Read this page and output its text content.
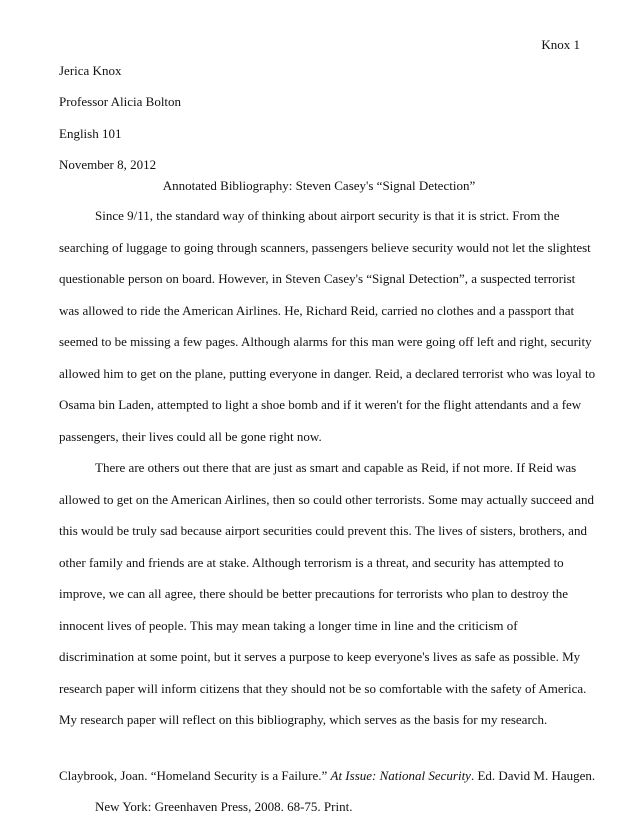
Knox 1
Jerica Knox
Professor Alicia Bolton
English 101
November 8, 2012
Annotated Bibliography: Steven Casey's “Signal Detection”
Since 9/11, the standard way of thinking about airport security is that it is strict. From the
searching of luggage to going through scanners, passengers believe security would not let the slightest
questionable person on board. However, in Steven Casey's “Signal Detection”, a suspected terrorist
was allowed to ride the American Airlines. He, Richard Reid, carried no clothes and a passport that
seemed to be missing a few pages. Although alarms for this man were going off left and right, security
allowed him to get on the plane, putting everyone in danger. Reid, a declared terrorist who was loyal to
Osama bin Laden, attempted to light a shoe bomb and if it weren't for the flight attendants and a few
passengers, their lives could all be gone right now.
There are others out there that are just as smart and capable as Reid, if not more. If Reid was
allowed to get on the American Airlines, then so could other terrorists. Some may actually succeed and
this would be truly sad because airport securities could prevent this. The lives of sisters, brothers, and
other family and friends are at stake. Although terrorism is a threat, and security has attempted to
improve, we can all agree, there should be better precautions for terrorists who plan to destroy the
innocent lives of people. This may mean taking a longer time in line and the criticism of
discrimination at some point, but it serves a purpose to keep everyone's lives as safe as possible. My
research paper will inform citizens that they should not be so comfortable with the safety of America.
My research paper will reflect on this bibliography, which serves as the basis for my research.
Claybrook, Joan. “Homeland Security is a Failure.” At Issue: National Security. Ed. David M. Haugen.
New York: Greenhaven Press, 2008. 68-75. Print.
